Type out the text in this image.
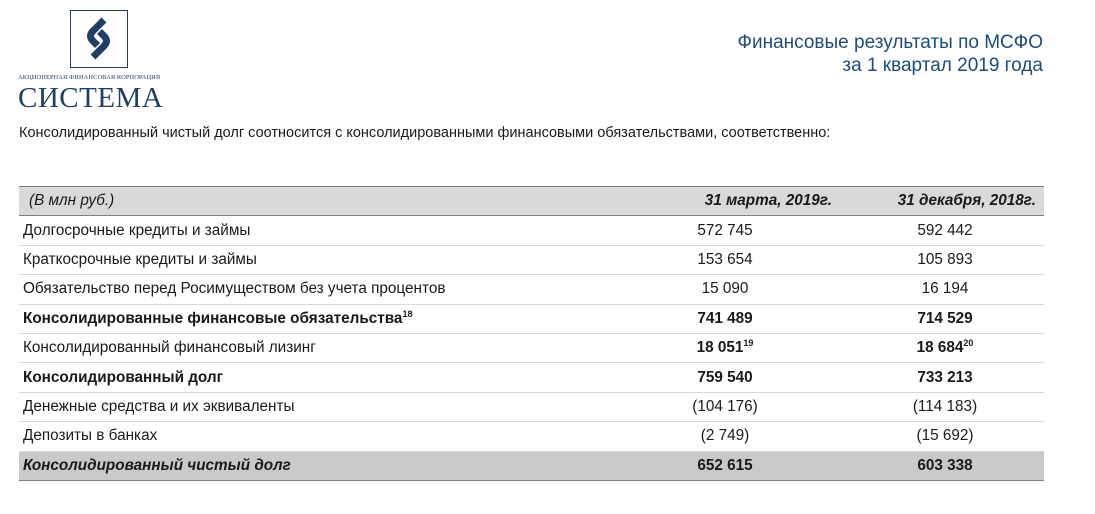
АКЦИОНЕРНАЯ ФИНАНСОВАЯ КОРПОРАЦИЯ
СИСТЕМА
Финансовые результаты по МСФО
за 1 квартал 2019 года
Консолидированный чистый долг соотносится с консолидированными финансовыми обязательствами, соответственно:
(В млн руб.)	31 марта, 2019г.	31 декабря, 2018г.
Долгосрочные кредиты и займы	572 745	592 442
Краткосрочные кредиты и займы	153 654	105 893
Обязательство перед Росимуществом без учета процентов	15 090	16 194
Консолидированные финансовые обязательства$^{18}$	741 489	714 529
Консолидированный финансовый лизинг	18 $051^{19}$	18 $684^{20}$
Консолидированный долг	759 540	733 213
Денежные средства и их эквиваленты	(104 176)	(114 183)
Депозиты в банках	(2 749)	(15 692)
Консолидированный чистый долг	652 615	603 338
